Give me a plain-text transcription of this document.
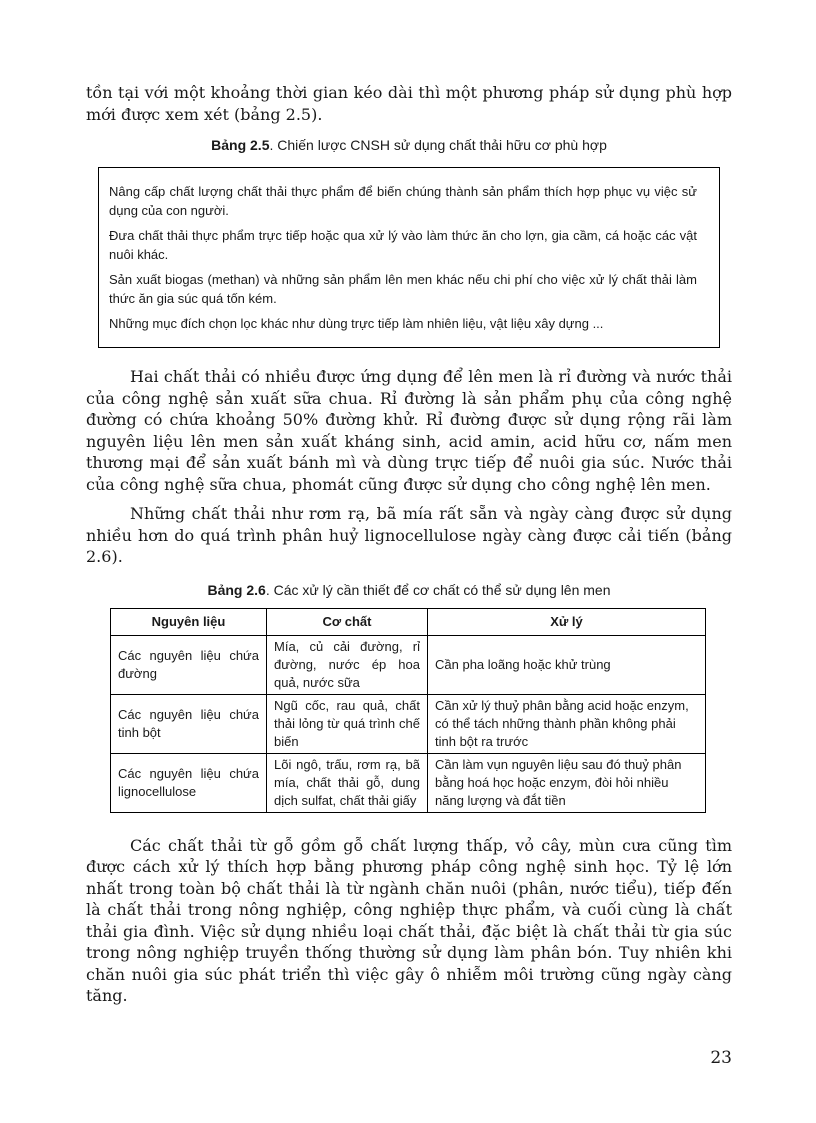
tồn tại với một khoảng thời gian kéo dài thì một phương pháp sử dụng phù hợp mới được xem xét (bảng 2.5).

Bảng 2.5. Chiến lược CNSH sử dụng chất thải hữu cơ phù hợp

Nâng cấp chất lượng chất thải thực phẩm để biến chúng thành sản phẩm thích hợp phục vụ việc sử dụng của con người.
Đưa chất thải thực phẩm trực tiếp hoặc qua xử lý vào làm thức ăn cho lợn, gia cầm, cá hoặc các vật nuôi khác.
Sản xuất biogas (methan) và những sản phẩm lên men khác nếu chi phí cho việc xử lý chất thải làm thức ăn gia súc quá tốn kém.
Những mục đích chọn lọc khác như dùng trực tiếp làm nhiên liệu, vật liệu xây dựng ...

Hai chất thải có nhiều được ứng dụng để lên men là rỉ đường và nước thải của công nghệ sản xuất sữa chua. Rỉ đường là sản phẩm phụ của công nghệ đường có chứa khoảng 50% đường khử. Rỉ đường được sử dụng rộng rãi làm nguyên liệu lên men sản xuất kháng sinh, acid amin, acid hữu cơ, nấm men thương mại để sản xuất bánh mì và dùng trực tiếp để nuôi gia súc. Nước thải của công nghệ sữa chua, phomát cũng được sử dụng cho công nghệ lên men.

Những chất thải như rơm rạ, bã mía rất sẵn và ngày càng được sử dụng nhiều hơn do quá trình phân huỷ lignocellulose ngày càng được cải tiến (bảng 2.6).

Bảng 2.6. Các xử lý cần thiết để cơ chất có thể sử dụng lên men

Nguyên liệu	Cơ chất	Xử lý
Các nguyên liệu chứa đường	Mía, củ cải đường, rỉ đường, nước ép hoa quả, nước sữa	Cần pha loãng hoặc khử trùng
Các nguyên liệu chứa tinh bột	Ngũ cốc, rau quả, chất thải lỏng từ quá trình chế biến	Cần xử lý thuỷ phân bằng acid hoặc enzym, có thể tách những thành phần không phải tinh bột ra trước
Các nguyên liệu chứa lignocellulose	Lõi ngô, trấu, rơm rạ, bã mía, chất thải gỗ, dung dịch sulfat, chất thải giấy	Cần làm vụn nguyên liệu sau đó thuỷ phân bằng hoá học hoặc enzym, đòi hỏi nhiều năng lượng và đắt tiền

Các chất thải từ gỗ gồm gỗ chất lượng thấp, vỏ cây, mùn cưa cũng tìm được cách xử lý thích hợp bằng phương pháp công nghệ sinh học. Tỷ lệ lớn nhất trong toàn bộ chất thải là từ ngành chăn nuôi (phân, nước tiểu), tiếp đến là chất thải trong nông nghiệp, công nghiệp thực phẩm, và cuối cùng là chất thải gia đình. Việc sử dụng nhiều loại chất thải, đặc biệt là chất thải từ gia súc trong nông nghiệp truyền thống thường sử dụng làm phân bón. Tuy nhiên khi chăn nuôi gia súc phát triển thì việc gây ô nhiễm môi trường cũng ngày càng tăng.

23
